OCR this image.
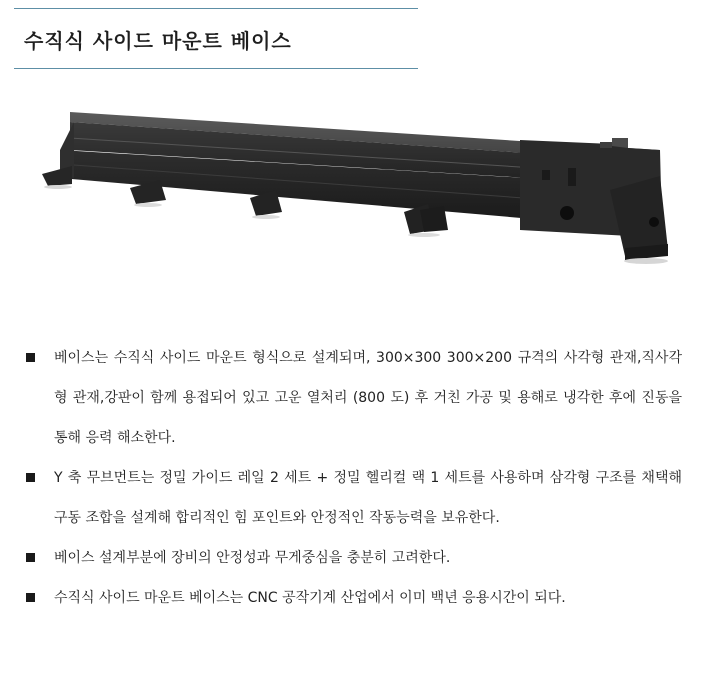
수직식 사이드 마운트 베이스
베이스는 수직식 사이드 마운트 형식으로 설계되며, 300×300 300×200 규격의 사각형 관재,직사각형 관재,강판이 함께 용접되어 있고 고운 열처리 (800 도) 후 거친 가공 및 용해로 냉각한 후에 진동을 통해 응력 해소한다.
Y 축 무브먼트는 정밀 가이드 레일 2 세트 + 정밀 헬리컬 랙 1 세트를 사용하며 삼각형 구조를 채택해 구동 조합을 설계해 합리적인 힘 포인트와 안정적인 작동능력을 보유한다.
베이스 설계부분에 장비의 안정성과 무게중심을 충분히 고려한다.
수직식 사이드 마운트 베이스는 CNC 공작기계 산업에서 이미 백년 응용시간이 되다.
